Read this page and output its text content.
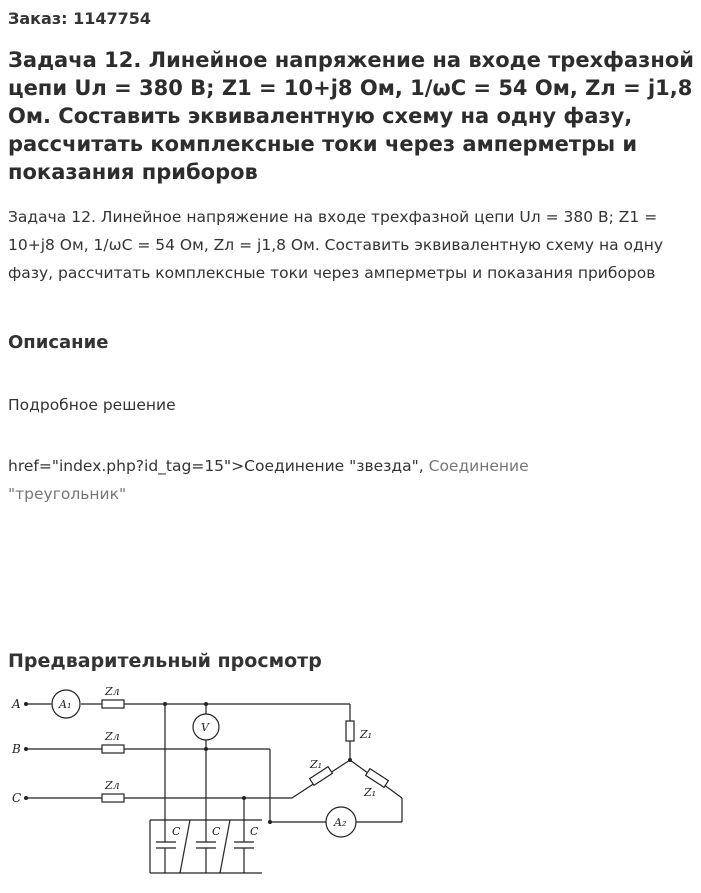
Заказ: 1147754
Задача 12. Линейное напряжение на входе трехфазной цепи Uл = 380 В; Z1 = 10+j8 Ом, 1/ωC = 54 Ом, Zл = j1,8 Ом. Составить эквивалентную схему на одну фазу, рассчитать комплексные токи через амперметры и показания приборов

Задача 12. Линейное напряжение на входе трехфазной цепи Uл = 380 В; Z1 = 10+j8 Ом, 1/ωC = 54 Ом, Zл = j1,8 Ом. Составить эквивалентную схему на одну фазу, рассчитать комплексные токи через амперметры и показания приборов

Описание
Подробное решение

href="index.php?id_tag=15">Соединение "звезда", Соединение "треугольник"

Предварительный просмотр
A
B
C
A₁
V
A₂
Zл
Zл
Zл
Z₁
Z₁
Z₁
C	C	C
